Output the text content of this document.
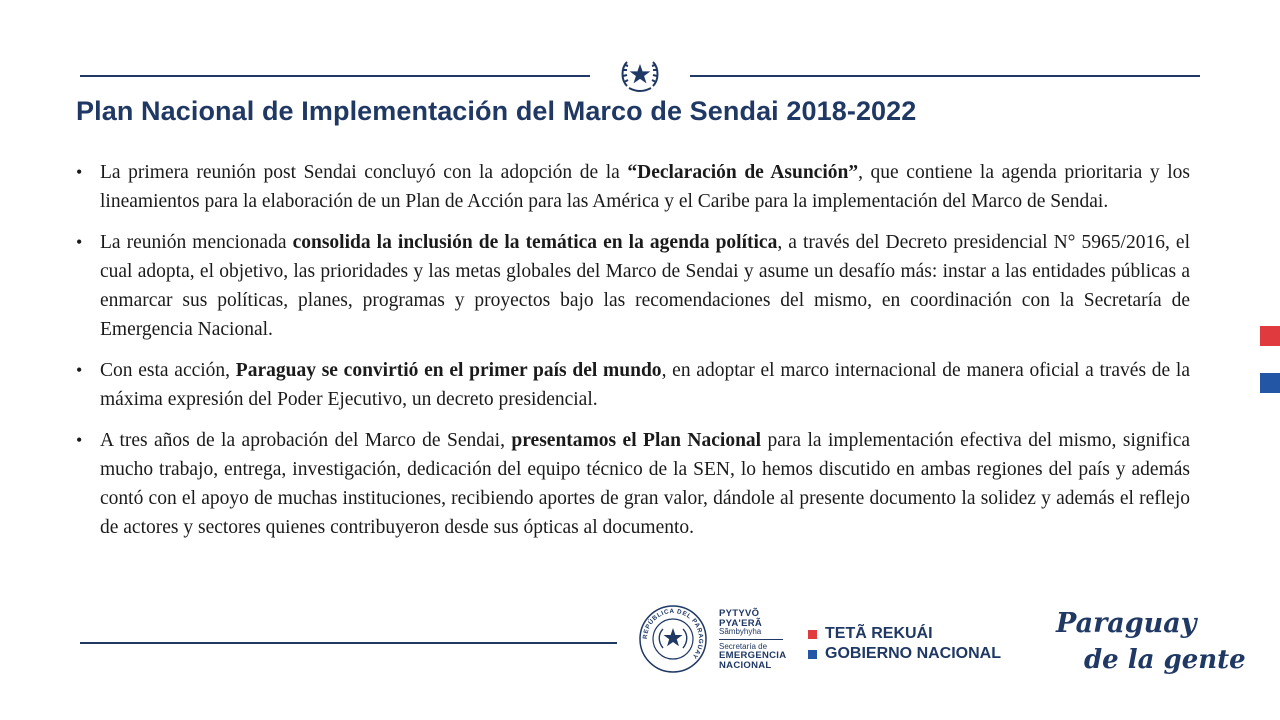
Plan Nacional de Implementación del Marco de Sendai 2018-2022
• La primera reunión post Sendai concluyó con la adopción de la “Declaración de Asunción”, que contiene la agenda prioritaria y los lineamientos para la elaboración de un Plan de Acción para las América y el Caribe para la implementación del Marco de Sendai.
• La reunión mencionada consolida la inclusión de la temática en la agenda política, a través del Decreto presidencial N° 5965/2016, el cual adopta, el objetivo, las prioridades y las metas globales del Marco de Sendai y asume un desafío más: instar a las entidades públicas a enmarcar sus políticas, planes, programas y proyectos bajo las recomendaciones del mismo, en coordinación con la Secretaría de Emergencia Nacional.
• Con esta acción, Paraguay se convirtió en el primer país del mundo, en adoptar el marco internacional de manera oficial a través de la máxima expresión del Poder Ejecutivo, un decreto presidencial.
• A tres años de la aprobación del Marco de Sendai, presentamos el Plan Nacional para la implementación efectiva del mismo, significa mucho trabajo, entrega, investigación, dedicación del equipo técnico de la SEN, lo hemos discutido en ambas regiones del país y además contó con el apoyo de muchas instituciones, recibiendo aportes de gran valor, dándole al presente documento la solidez y además el reflejo de actores y sectores quienes contribuyeron desde sus ópticas al documento.
REPÚBLICA DEL PARAGUAY
PYTYVÕ
PYA'ERÃ
Sãmbyhyha
Secretaría de
EMERGENCIA
NACIONAL
TETÃ REKUÁI
GOBIERNO NACIONAL
Paraguay
de la gente
